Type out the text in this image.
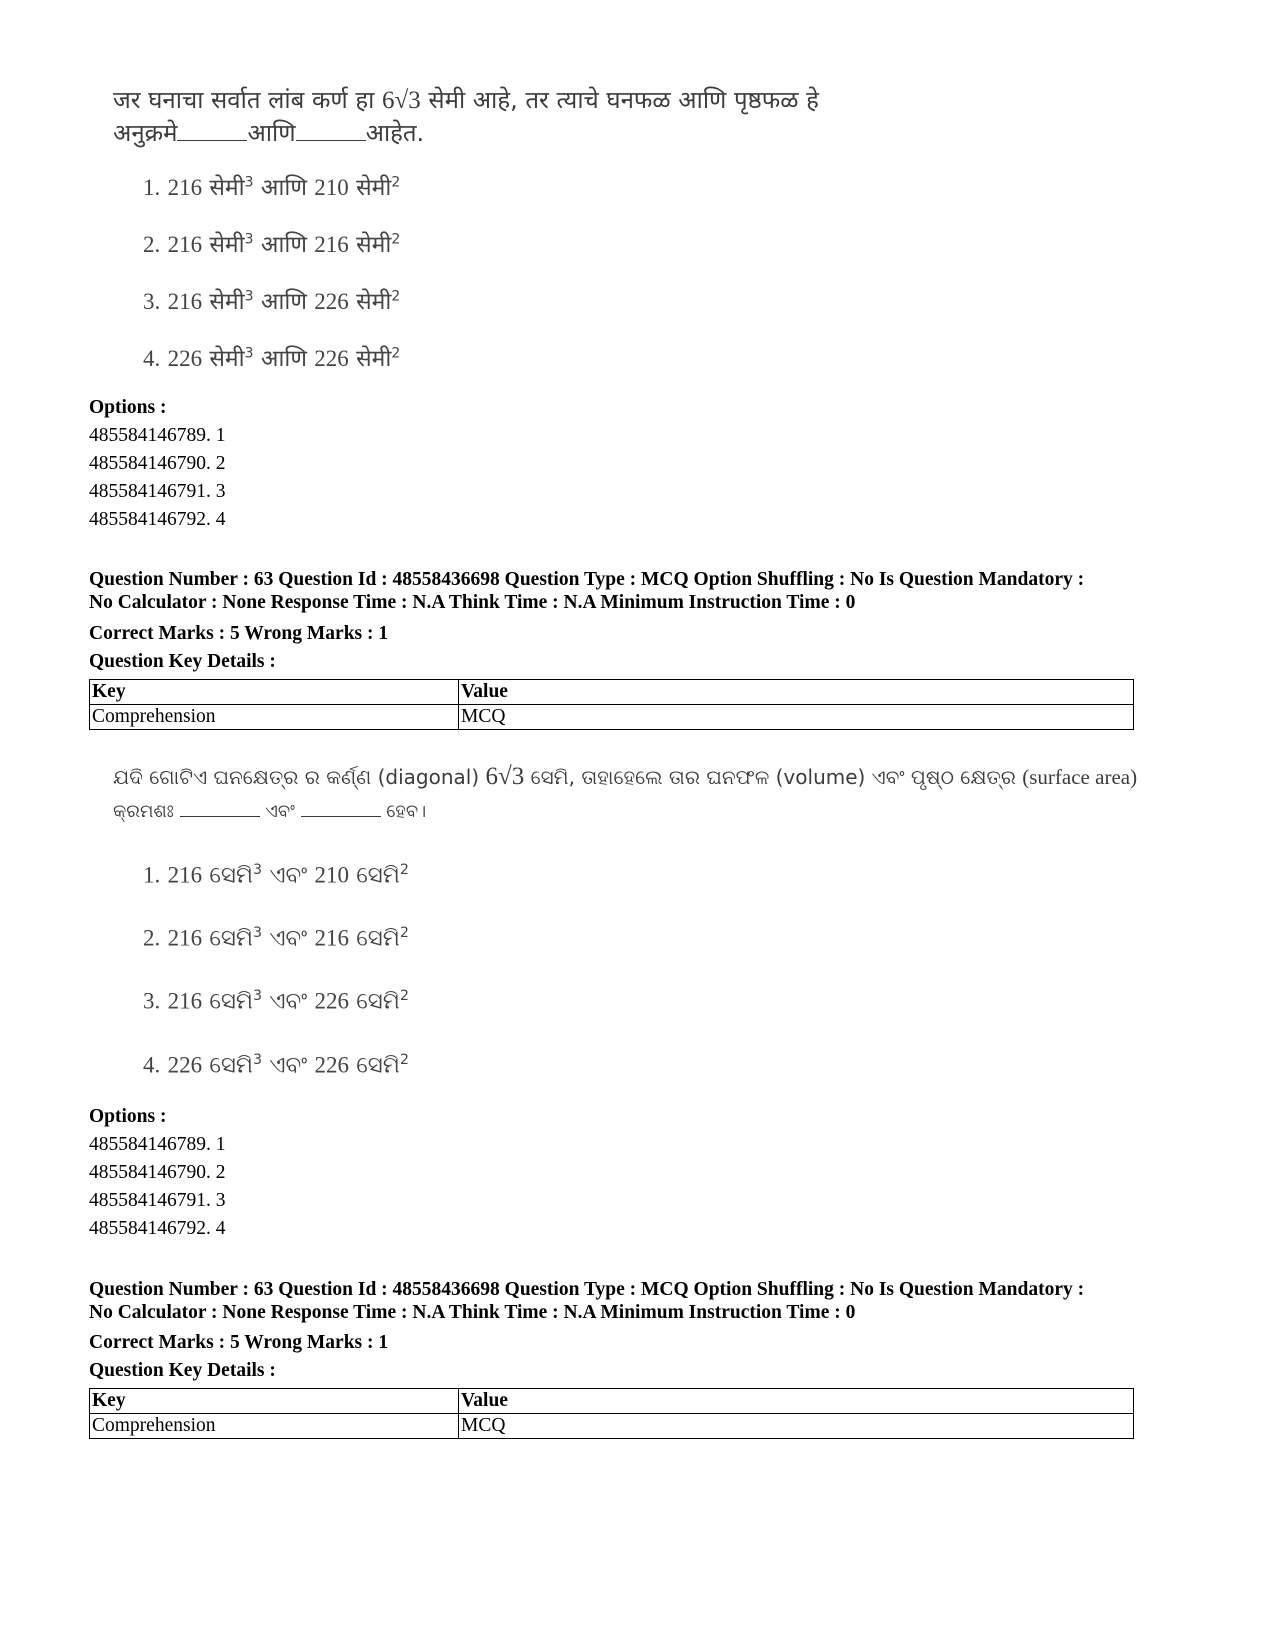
जर घनाचा सर्वात लांब कर्ण हा 6√3 सेमी आहे, तर त्याचे घनफळ आणि पृष्ठफळ हे
अनुक्रमे	आणि	आहेत.
1. 216 सेमी$^3$ आणि 210 सेमी$^2$
2. 216 सेमी$^3$ आणि 216 सेमी$^2$
3. 216 सेमी$^3$ आणि 226 सेमी$^2$
4. 226 सेमी$^3$ आणि 226 सेमी$^2$
Options :
485584146789. 1
485584146790. 2
485584146791. 3
485584146792. 4
Question Number : 63 Question Id : 48558436698 Question Type : MCQ Option Shuffling : No Is Question Mandatory :
No Calculator : None Response Time : N.A Think Time : N.A Minimum Instruction Time : 0
Correct Marks : 5 Wrong Marks : 1
Question Key Details :
Key	Value
Comprehension	MCQ
ଯଦି ଗୋଟିଏ ଘନକ୍ଷେତ୍ର ର କର୍ଣ୍ଣ (diagonal) 6√3 ସେମି, ତାହାହେଲେ ତାର ଘନଫଳ (volume) ଏବଂ ପୃଷ୍ଠ କ୍ଷେତ୍ର (surface area)
କ୍ରମଶଃ	ଏବଂ	ହେବ।
1. 216 ସେମି$^3$ ଏବଂ 210 ସେମି$^2$
2. 216 ସେମି$^3$ ଏବଂ 216 ସେମି$^2$
3. 216 ସେମି$^3$ ଏବଂ 226 ସେମି$^2$
4. 226 ସେମି$^3$ ଏବଂ 226 ସେମି$^2$
Options :
485584146789. 1
485584146790. 2
485584146791. 3
485584146792. 4
Question Number : 63 Question Id : 48558436698 Question Type : MCQ Option Shuffling : No Is Question Mandatory :
No Calculator : None Response Time : N.A Think Time : N.A Minimum Instruction Time : 0
Correct Marks : 5 Wrong Marks : 1
Question Key Details :
Key	Value
Comprehension	MCQ
